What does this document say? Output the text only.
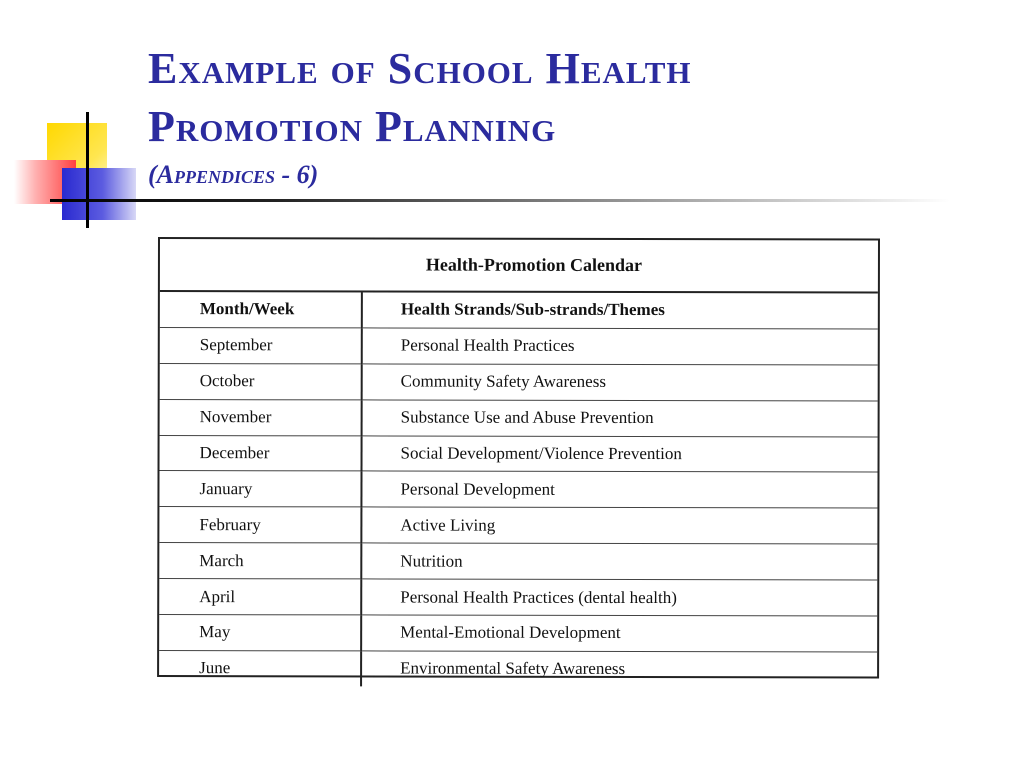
Example of School Health
Promotion Planning

(Appendices - 6)

Health-Promotion Calendar
Month/Week	Health Strands/Sub-strands/Themes
September	Personal Health Practices
October	Community Safety Awareness
November	Substance Use and Abuse Prevention
December	Social Development/Violence Prevention
January	Personal Development
February	Active Living
March	Nutrition
April	Personal Health Practices (dental health)
May	Mental-Emotional Development
June	Environmental Safety Awareness
